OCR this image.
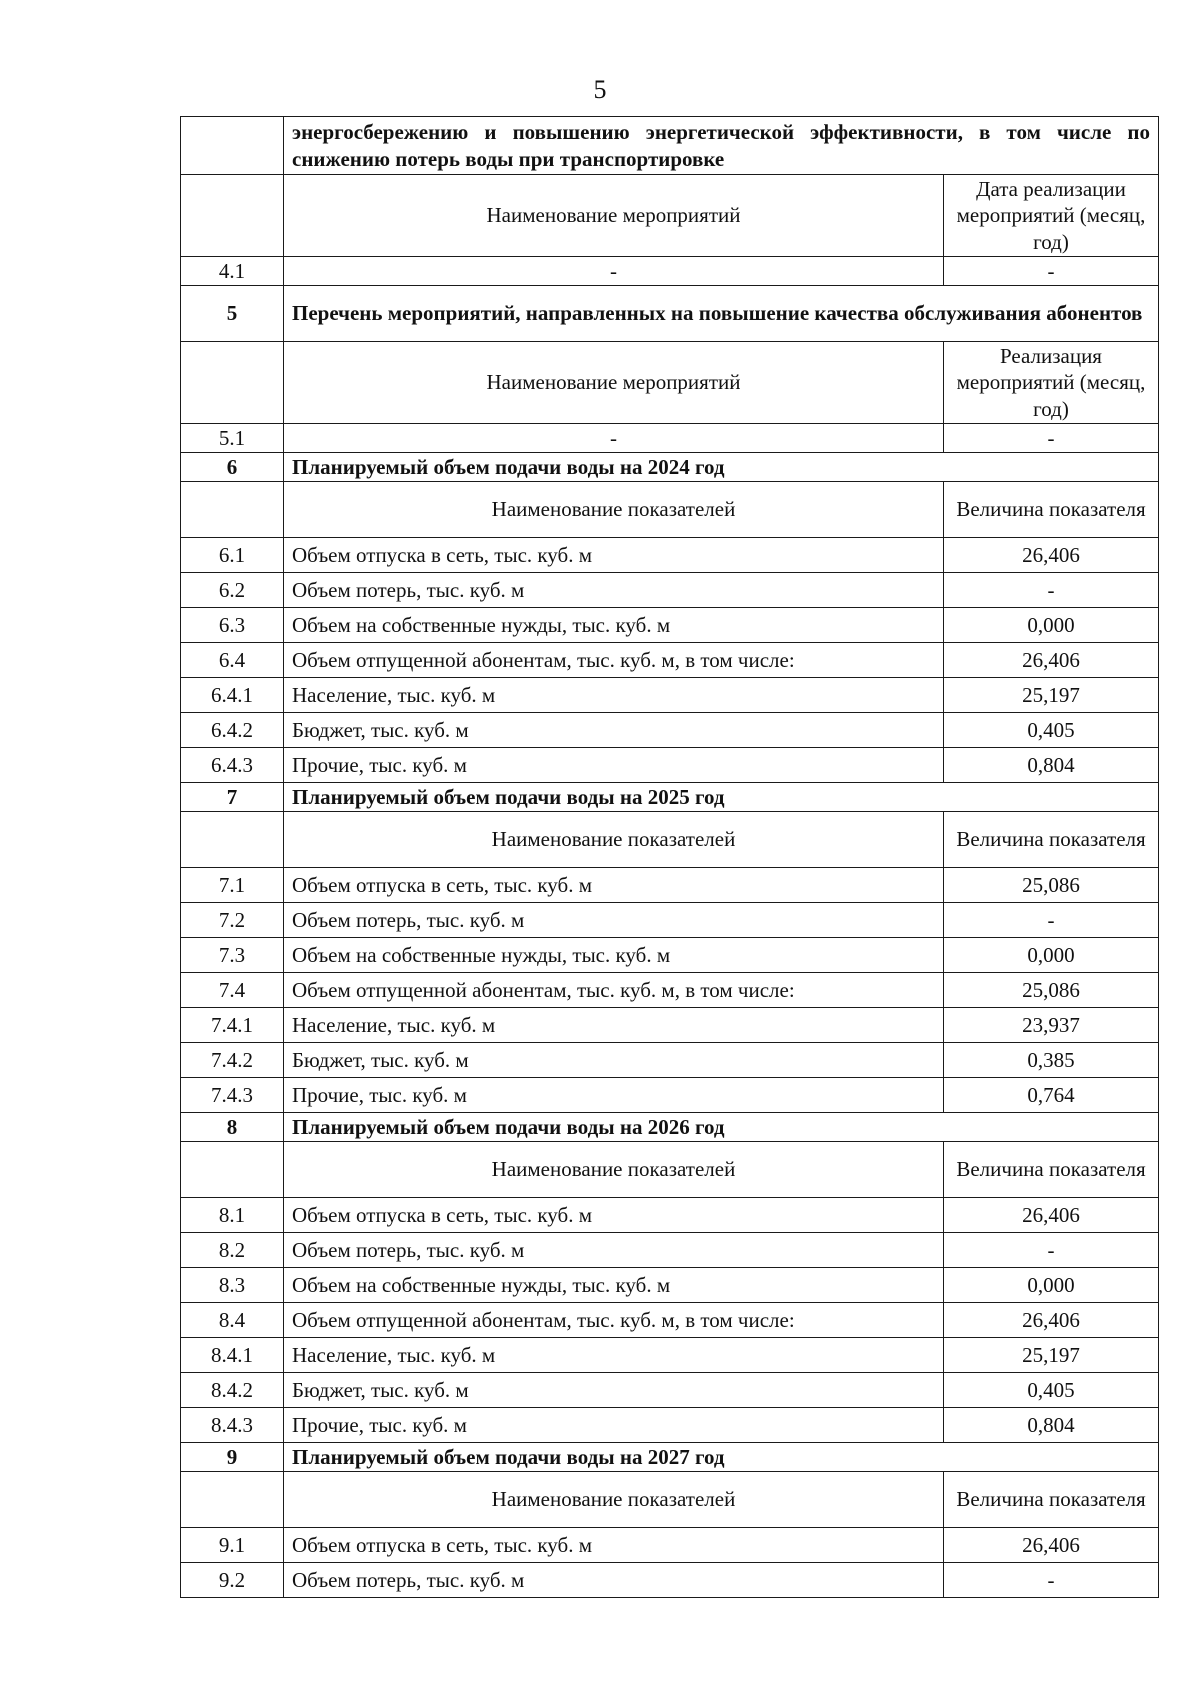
5
	энергосбережению и повышению энергетической эффективности, в том числе по снижению потерь воды при транспортировке	
	Наименование мероприятий	Дата реализации мероприятий (месяц, год)
4.1	-	-
5	Перечень мероприятий, направленных на повышение качества обслуживания абонентов	
	Наименование мероприятий	Реализация мероприятий (месяц, год)
5.1	-	-
6	Планируемый объем подачи воды на 2024 год	
	Наименование показателей	Величина показателя
6.1	Объем отпуска в сеть, тыс. куб. м	26,406
6.2	Объем потерь, тыс. куб. м	-
6.3	Объем на собственные нужды, тыс. куб. м	0,000
6.4	Объем отпущенной абонентам, тыс. куб. м, в том числе:	26,406
6.4.1	Население, тыс. куб. м	25,197
6.4.2	Бюджет, тыс. куб. м	0,405
6.4.3	Прочие, тыс. куб. м	0,804
7	Планируемый объем подачи воды на 2025 год	
	Наименование показателей	Величина показателя
7.1	Объем отпуска в сеть, тыс. куб. м	25,086
7.2	Объем потерь, тыс. куб. м	-
7.3	Объем на собственные нужды, тыс. куб. м	0,000
7.4	Объем отпущенной абонентам, тыс. куб. м, в том числе:	25,086
7.4.1	Население, тыс. куб. м	23,937
7.4.2	Бюджет, тыс. куб. м	0,385
7.4.3	Прочие, тыс. куб. м	0,764
8	Планируемый объем подачи воды на 2026 год	
	Наименование показателей	Величина показателя
8.1	Объем отпуска в сеть, тыс. куб. м	26,406
8.2	Объем потерь, тыс. куб. м	-
8.3	Объем на собственные нужды, тыс. куб. м	0,000
8.4	Объем отпущенной абонентам, тыс. куб. м, в том числе:	26,406
8.4.1	Население, тыс. куб. м	25,197
8.4.2	Бюджет, тыс. куб. м	0,405
8.4.3	Прочие, тыс. куб. м	0,804
9	Планируемый объем подачи воды на 2027 год	
	Наименование показателей	Величина показателя
9.1	Объем отпуска в сеть, тыс. куб. м	26,406
9.2	Объем потерь, тыс. куб. м	-
